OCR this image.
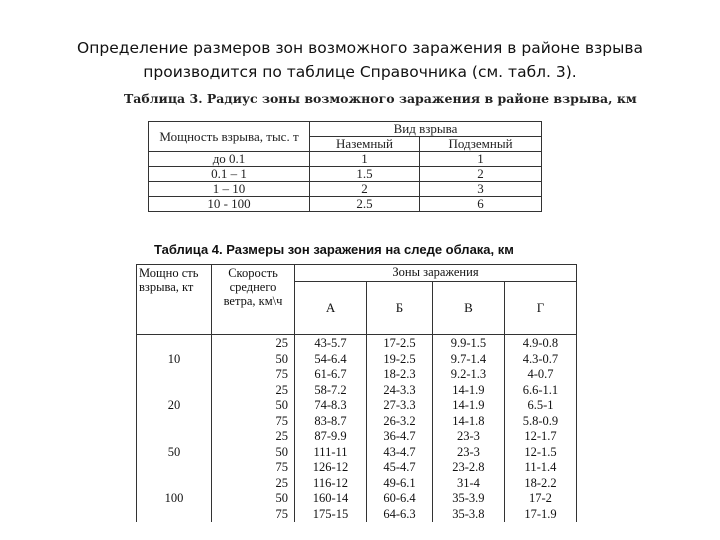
Определение размеров зон возможного заражения в районе взрыва
производится по таблице Справочника (см. табл. 3).
Таблица 3. Радиус зоны возможного заражения в районе взрыва, км
Мощность взрыва, тыс. т	Вид взрыва	
	Наземный	Подземный
до 0.1	1	1
0.1 – 1	1.5	2
1 – 10	2	3
10 - 100	2.5	6
Таблица 4. Размеры зон заражения на следе облака, км
Мощно сть взрыва, кт	Скорость среднего ветра, км\ч	Зоны заражения			
		А	Б	В	Г
	25	43-5.7	17-2.5	9.9-1.5	4.9-0.8
10	50	54-6.4	19-2.5	9.7-1.4	4.3-0.7
	75	61-6.7	18-2.3	9.2-1.3	4-0.7
	25	58-7.2	24-3.3	14-1.9	6.6-1.1
20	50	74-8.3	27-3.3	14-1.9	6.5-1
	75	83-8.7	26-3.2	14-1.8	5.8-0.9
	25	87-9.9	36-4.7	23-3	12-1.7
50	50	111-11	43-4.7	23-3	12-1.5
	75	126-12	45-4.7	23-2.8	11-1.4
	25	116-12	49-6.1	31-4	18-2.2
100	50	160-14	60-6.4	35-3.9	17-2
	75	175-15	64-6.3	35-3.8	17-1.9
